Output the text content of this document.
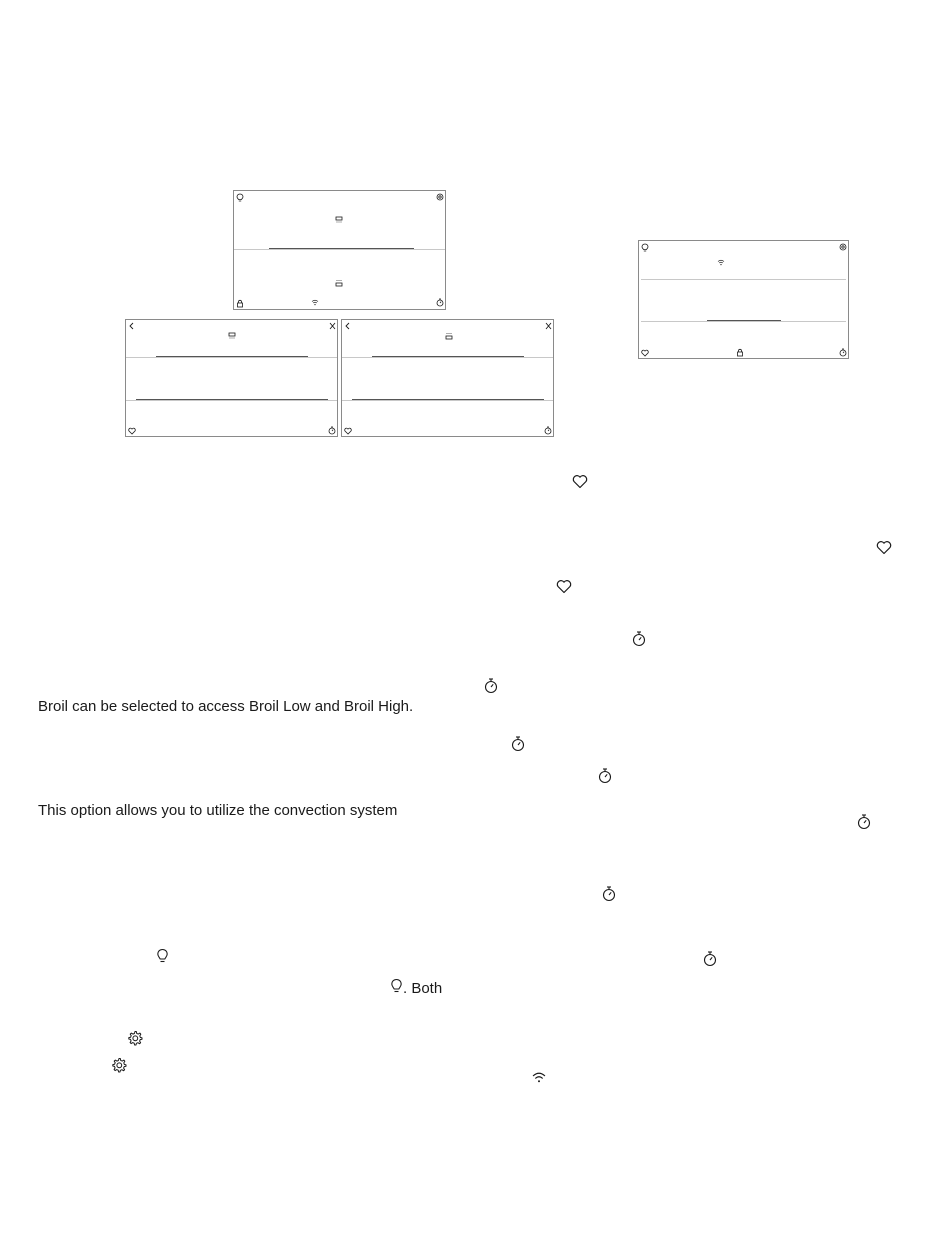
Broil can be selected to access Broil Low and Broil High.
This option allows you to utilize the convection system
. Both
